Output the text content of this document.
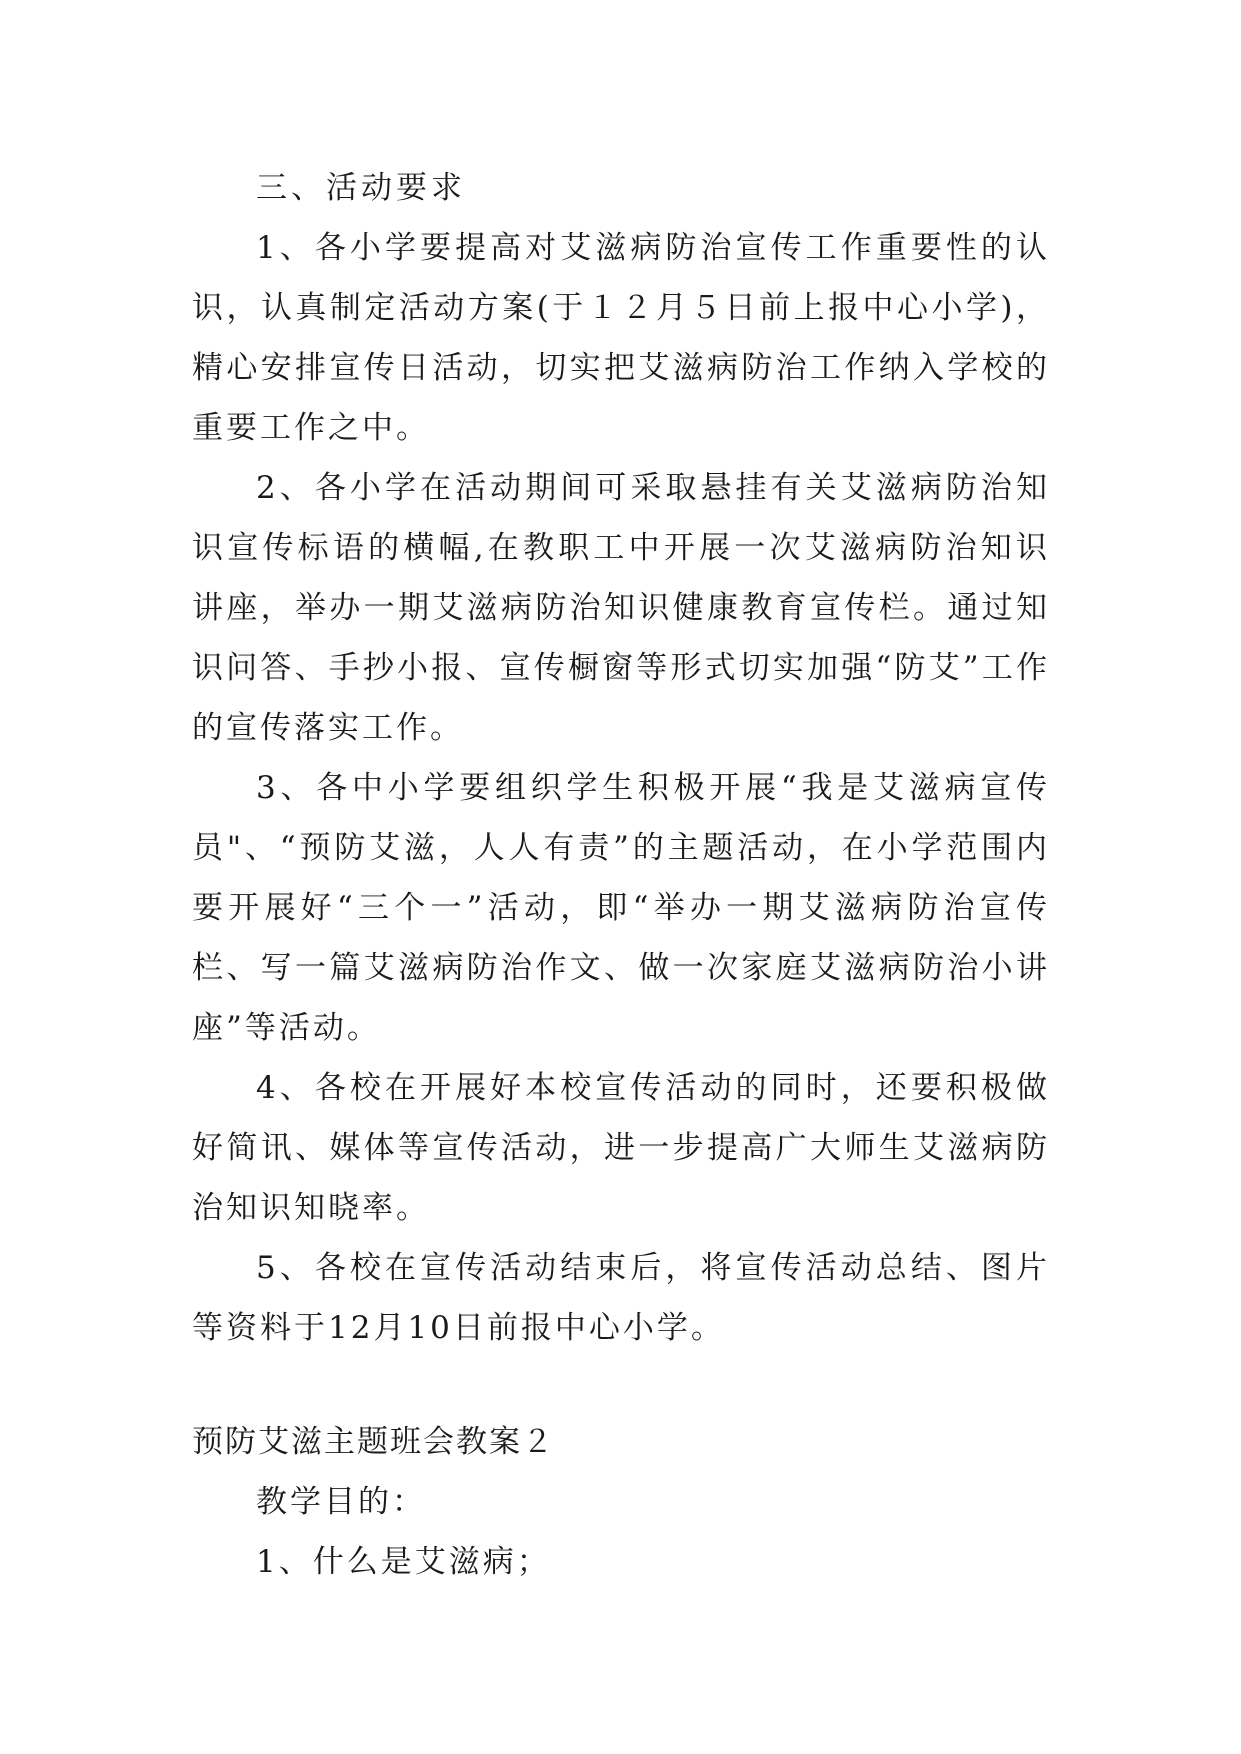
三、活动要求

1、各小学要提高对艾滋病防治宣传工作重要性的认识，认真制定活动方案(于１２月５日前上报中心小学)，精心安排宣传日活动，切实把艾滋病防治工作纳入学校的重要工作之中。

2、各小学在活动期间可采取悬挂有关艾滋病防治知识宣传标语的横幅,在教职工中开展一次艾滋病防治知识讲座，举办一期艾滋病防治知识健康教育宣传栏。通过知识问答、手抄小报、宣传橱窗等形式切实加强“防艾”工作的宣传落实工作。

3、各中小学要组织学生积极开展“我是艾滋病宣传员"、“预防艾滋，人人有责”的主题活动，在小学范围内要开展好“三个一”活动，即“举办一期艾滋病防治宣传栏、写一篇艾滋病防治作文、做一次家庭艾滋病防治小讲座”等活动。

4、各校在开展好本校宣传活动的同时，还要积极做好简讯、媒体等宣传活动，进一步提高广大师生艾滋病防治知识知晓率。

5、各校在宣传活动结束后，将宣传活动总结、图片等资料于12月10日前报中心小学。

预防艾滋主题班会教案２

教学目的：

1、什么是艾滋病；
